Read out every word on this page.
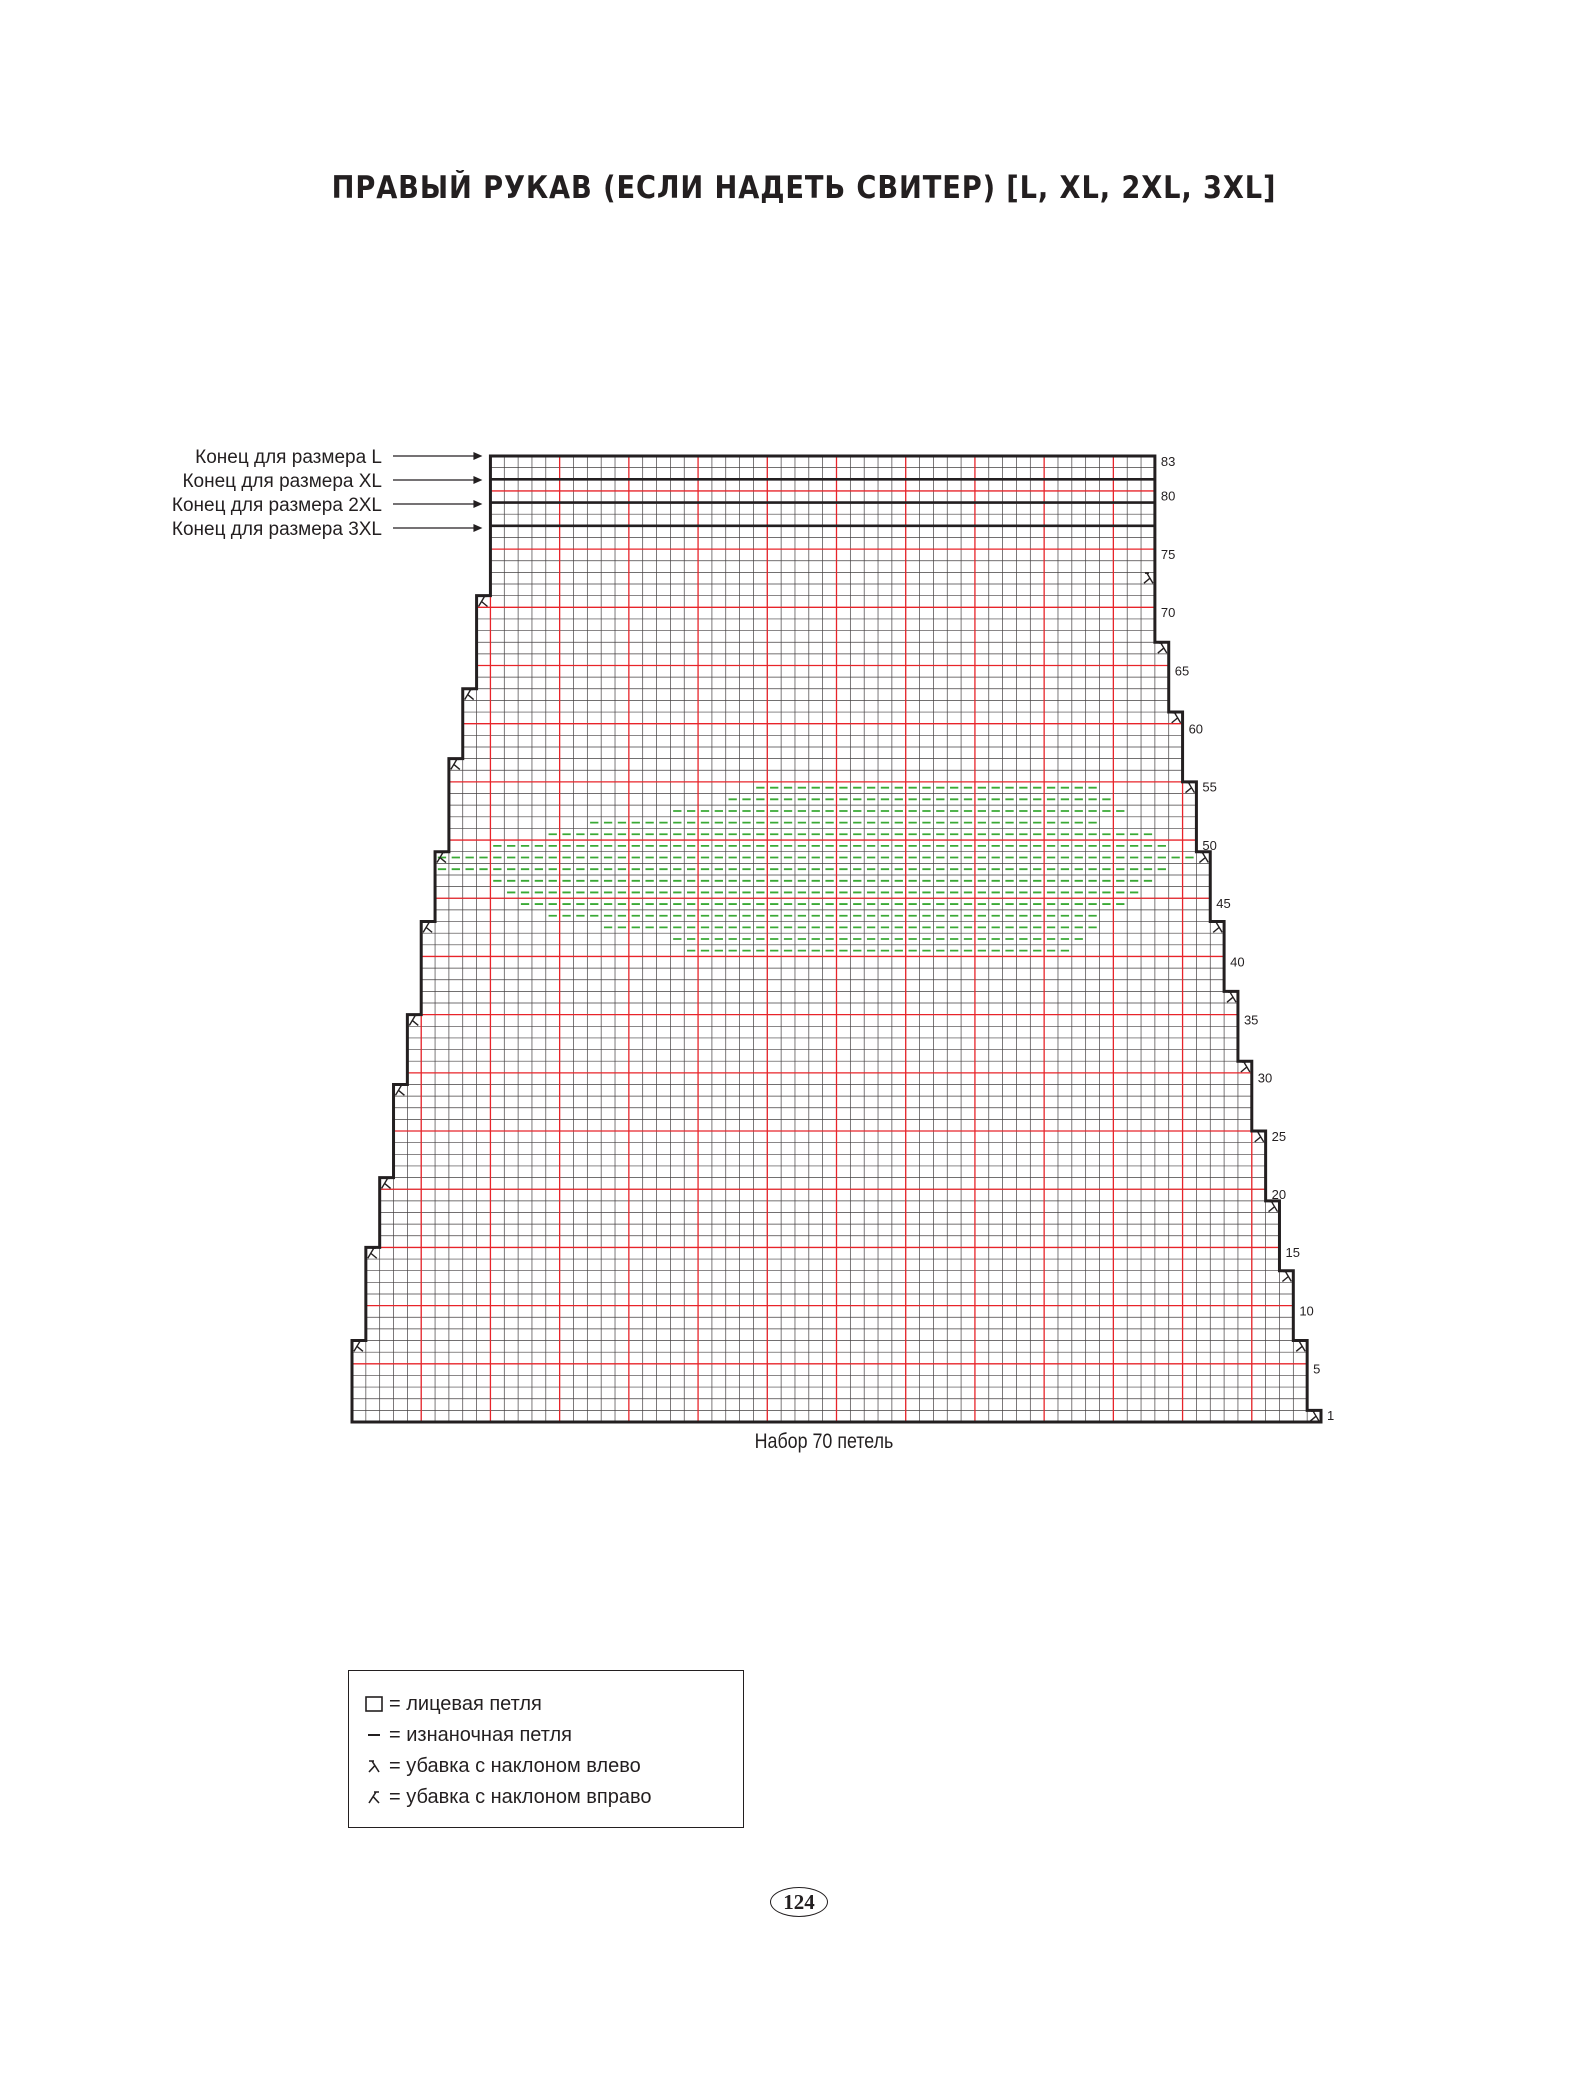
ПРАВЫЙ РУКАВ (ЕСЛИ НАДЕТЬ СВИТЕР) [L, XL, 2XL, 3XL]
1
5
10
15
20
25
30
35
40
45
50
55
60
65
70
75
80
83
Конец для размера L
Конец для размера XL
Конец для размера 2XL
Конец для размера 3XL
Набор 70 петель
= лицевая петля
= изнаночная петля
= убавка с наклоном влево
= убавка с наклоном вправо
124
